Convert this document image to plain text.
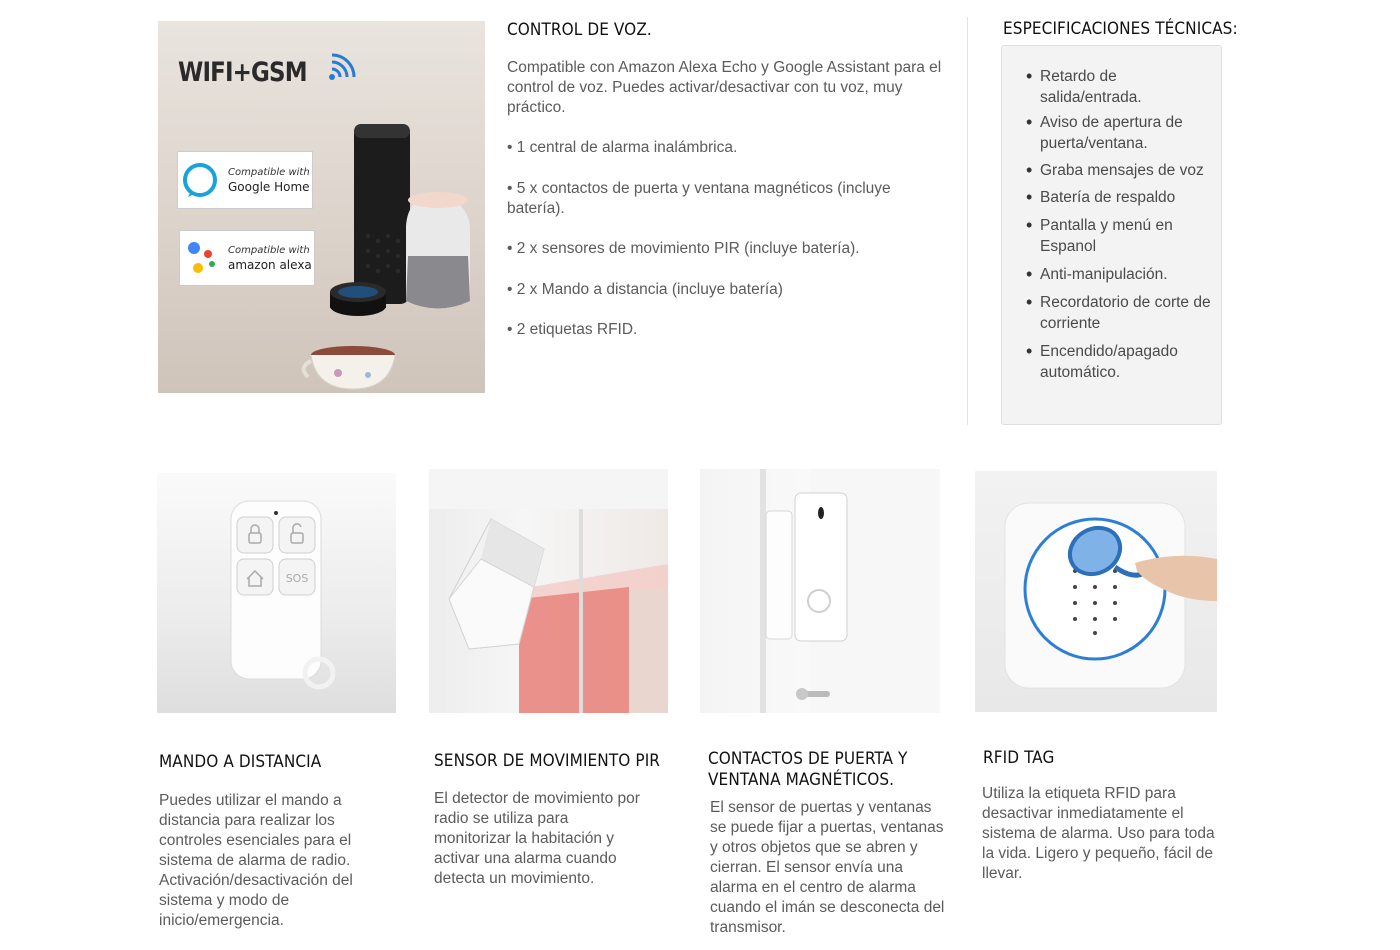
WIFI+GSM
Compatible with
Google Home
Compatible with
amazon alexa
CONTROL DE VOZ.
Compatible con Amazon Alexa Echo y Google Assistant para el control de voz. Puedes activar/desactivar con tu voz, muy práctico.
• 1 central de alarma inalámbrica.
• 5 x contactos de puerta y ventana magnéticos (incluye batería).
• 2 x sensores de movimiento PIR (incluye batería).
• 2 x Mando a distancia (incluye batería)
• 2 etiquetas RFID.
ESPECIFICACIONES TÉCNICAS:
• Retardo de salida/entrada.
• Aviso de apertura de puerta/ventana.
• Graba mensajes de voz
• Batería de respaldo
• Pantalla y menú en Espanol
• Anti-manipulación.
• Recordatorio de corte de corriente
• Encendido/apagado automático.
SOS
MANDO A DISTANCIA
Puedes utilizar el mando a distancia para realizar los controles esenciales para el sistema de alarma de radio. Activación/desactivación del sistema y modo de inicio/emergencia.
SENSOR DE MOVIMIENTO PIR
El detector de movimiento por radio se utiliza para monitorizar la habitación y activar una alarma cuando detecta un movimiento.
CONTACTOS DE PUERTA Y VENTANA MAGNÉTICOS.
El sensor de puertas y ventanas se puede fijar a puertas, ventanas y otros objetos que se abren y cierran. El sensor envía una alarma en el centro de alarma cuando el imán se desconecta del transmisor.
RFID TAG
Utiliza la etiqueta RFID para desactivar inmediatamente el sistema de alarma. Uso para toda la vida. Ligero y pequeño, fácil de llevar.
